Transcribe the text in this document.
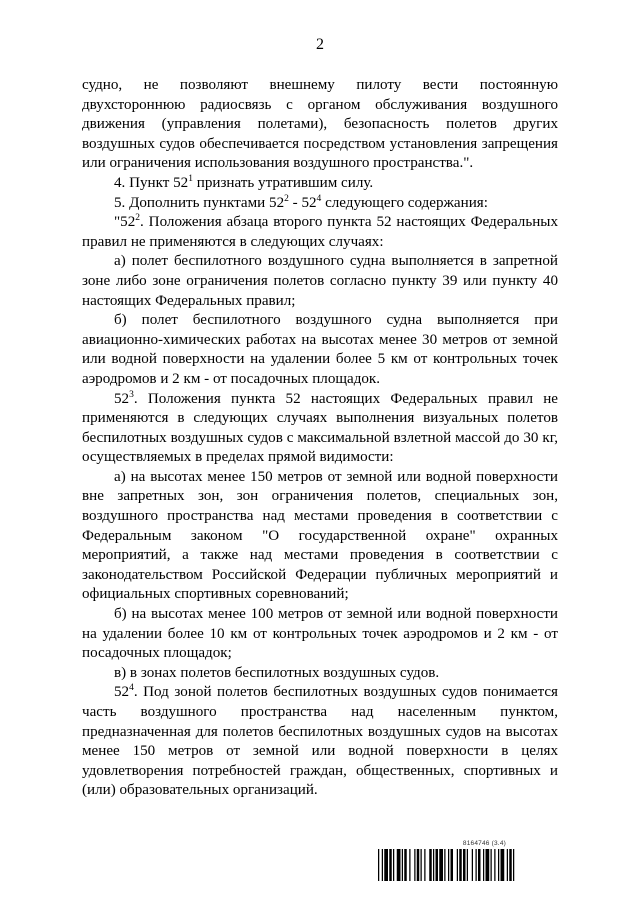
2

судно, не позволяют внешнему пилоту вести постоянную двухстороннюю радиосвязь с органом обслуживания воздушного движения (управления полетами), безопасность полетов других воздушных судов обеспечивается посредством установления запрещения или ограничения использования воздушного пространства.".

4. Пункт $52^1$ признать утратившим силу.

5. Дополнить пунктами $52^2 - 52^4$ следующего содержания:

"$52^2$. Положения абзаца второго пункта 52 настоящих Федеральных правил не применяются в следующих случаях:

а) полет беспилотного воздушного судна выполняется в запретной зоне либо зоне ограничения полетов согласно пункту 39 или пункту 40 настоящих Федеральных правил;

б) полет беспилотного воздушного судна выполняется при авиационно-химических работах на высотах менее 30 метров от земной или водной поверхности на удалении более 5 км от контрольных точек аэродромов и 2 км - от посадочных площадок.

$52^3$. Положения пункта 52 настоящих Федеральных правил не применяются в следующих случаях выполнения визуальных полетов беспилотных воздушных судов с максимальной взлетной массой до 30 кг, осуществляемых в пределах прямой видимости:

а) на высотах менее 150 метров от земной или водной поверхности вне запретных зон, зон ограничения полетов, специальных зон, воздушного пространства над местами проведения в соответствии с Федеральным законом "О государственной охране" охранных мероприятий, а также над местами проведения в соответствии с законодательством Российской Федерации публичных мероприятий и официальных спортивных соревнований;

б) на высотах менее 100 метров от земной или водной поверхности на удалении более 10 км от контрольных точек аэродромов и 2 км - от посадочных площадок;

в) в зонах полетов беспилотных воздушных судов.

$52^4$. Под зоной полетов беспилотных воздушных судов понимается часть воздушного пространства над населенным пунктом, предназначенная для полетов беспилотных воздушных судов на высотах менее 150 метров от земной или водной поверхности в целях удовлетворения потребностей граждан, общественных, спортивных и (или) образовательных организаций.

8164746 (3.4)
